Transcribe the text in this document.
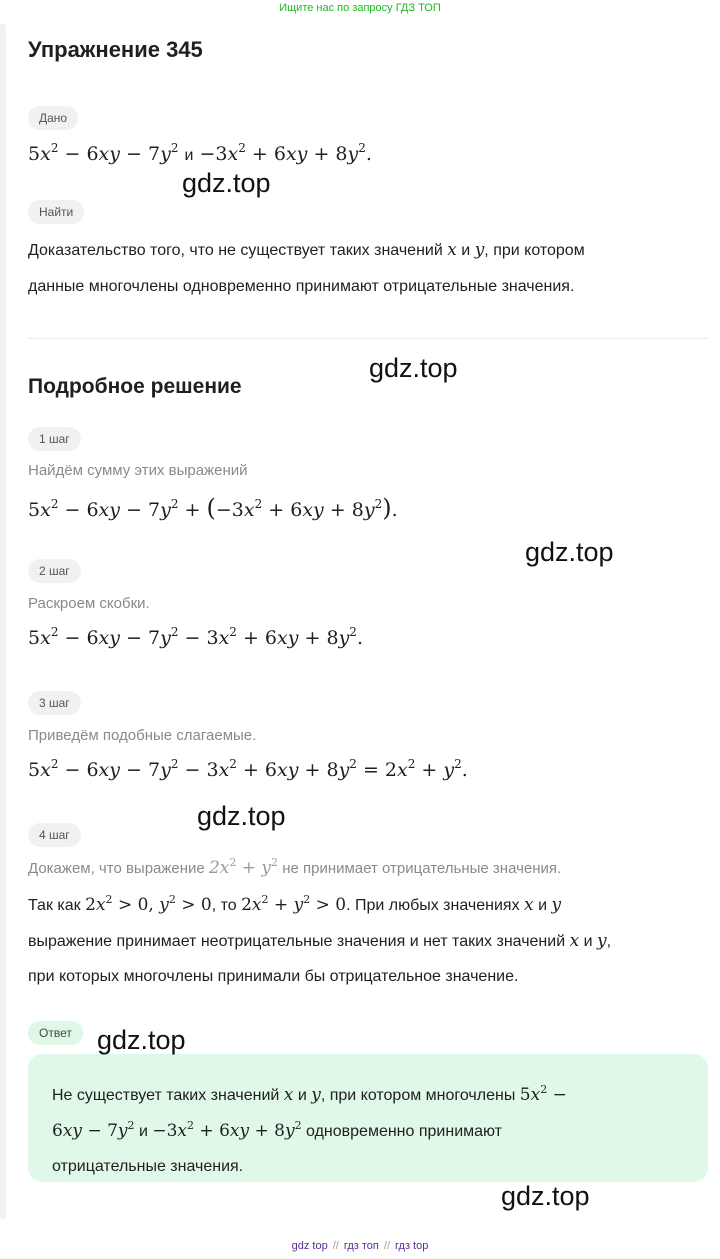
Ищите нас по запросу ГДЗ ТОП
Упражнение 345
Дано
$5x^2 - 6xy - 7y^2$ $и -3x^2 + 6xy + 8y^2$.
Найти
Доказательство того, что не существует таких значений x и y, при котором
данные многочлены одновременно принимают отрицательные значения.
Подробное решение
1 шаг
Найдём сумму этих выражений
$5x^2 - 6xy - 7y^2 + (-3x^2 + 6xy + 8y^2)$.
2 шаг
Раскроем скобки.
$5x^2 - 6xy - 7y^2 - 3x^2 + 6xy + 8y^2$.
3 шаг
Приведём подобные слагаемые.
$5x^2 - 6xy - 7y^2 - 3x^2 + 6xy + 8y^2 = 2x^2 + y^2$.
4 шаг
Докажем, что выражение $2x^2 + y^2$ не принимает отрицательные значения.
Так как $2x^2 > 0$, $y^2 > 0$, то $2x^2 + y^2 > 0$. При любых значениях x и y
выражение принимает неотрицательные значения и нет таких значений x и y,
при которых многочлены принимали бы отрицательное значение.
Ответ
Не существует таких значений x и y, при котором многочлены $5x^2$ −
$6xy - 7y^2$ $и -3x^2 + 6xy + 8y^2$ одновременно принимают
отрицательные значения.
gdz.top
gdz.top
gdz.top
gdz.top
gdz.top
gdz.top
gdz top // гдз топ // гдз top
